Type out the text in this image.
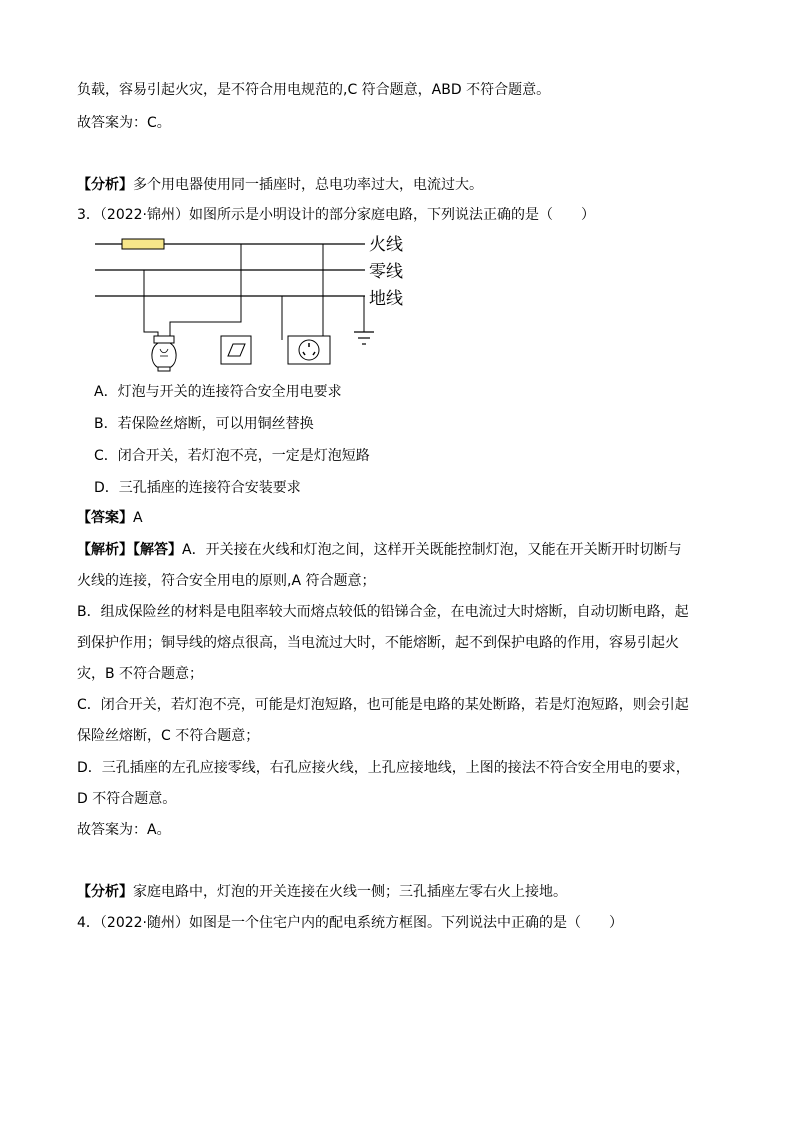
负载，容易引起火灾，是不符合用电规范的,C 符合题意，ABD 不符合题意。

故答案为：C。

【分析】多个用电器使用同一插座时，总电功率过大，电流过大。

3．（2022·锦州）如图所示是小明设计的部分家庭电路，下列说法正确的是（　　）

火线
零线
地线

A．灯泡与开关的连接符合安全用电要求

B．若保险丝熔断，可以用铜丝替换

C．闭合开关，若灯泡不亮，一定是灯泡短路

D．三孔插座的连接符合安装要求

【答案】A

【解析】【解答】A．开关接在火线和灯泡之间，这样开关既能控制灯泡，又能在开关断开时切断与

火线的连接，符合安全用电的原则,A 符合题意；

B．组成保险丝的材料是电阻率较大而熔点较低的铅锑合金，在电流过大时熔断，自动切断电路，起

到保护作用；铜导线的熔点很高，当电流过大时，不能熔断，起不到保护电路的作用，容易引起火

灾，B 不符合题意；

C．闭合开关，若灯泡不亮，可能是灯泡短路，也可能是电路的某处断路，若是灯泡短路，则会引起

保险丝熔断，C 不符合题意；

D．三孔插座的左孔应接零线，右孔应接火线，上孔应接地线，上图的接法不符合安全用电的要求，

D 不符合题意。

故答案为：A。

【分析】家庭电路中，灯泡的开关连接在火线一侧；三孔插座左零右火上接地。

4．（2022·随州）如图是一个住宅户内的配电系统方框图。下列说法中正确的是（　　）
